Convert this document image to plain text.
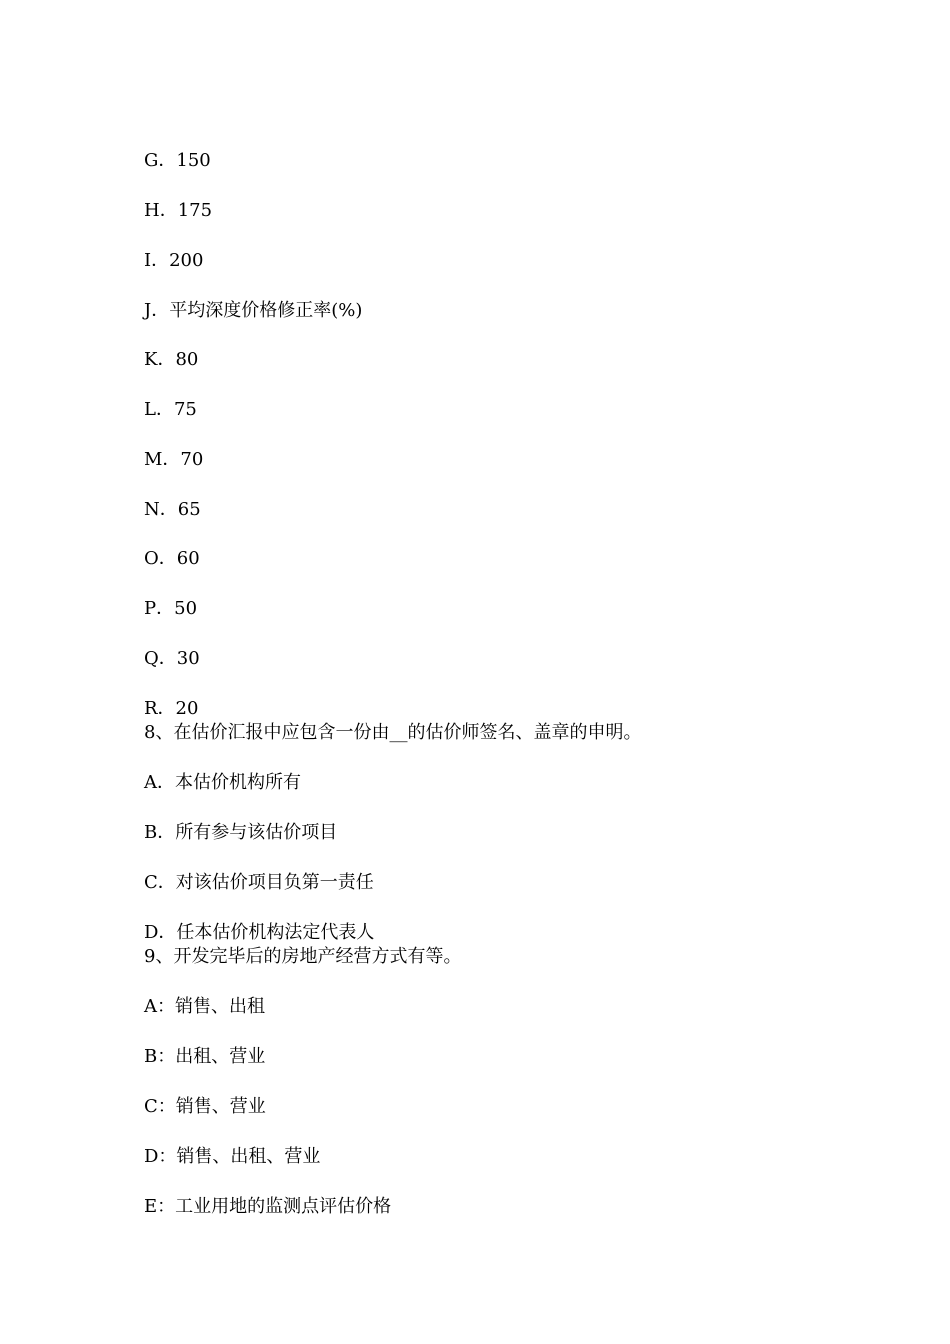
G．150
H．175
I．200
J．平均深度价格修正率(%)
K．80
L．75
M．70
N．65
O．60
P．50
Q．30
R．20
8、在估价汇报中应包含一份由__的估价师签名、盖章的申明。
A．本估价机构所有
B．所有参与该估价项目
C．对该估价项目负第一责任
D．任本估价机构法定代表人
9、开发完毕后的房地产经营方式有等。
A：销售、出租
B：出租、营业
C：销售、营业
D：销售、出租、营业
E：工业用地的监测点评估价格
